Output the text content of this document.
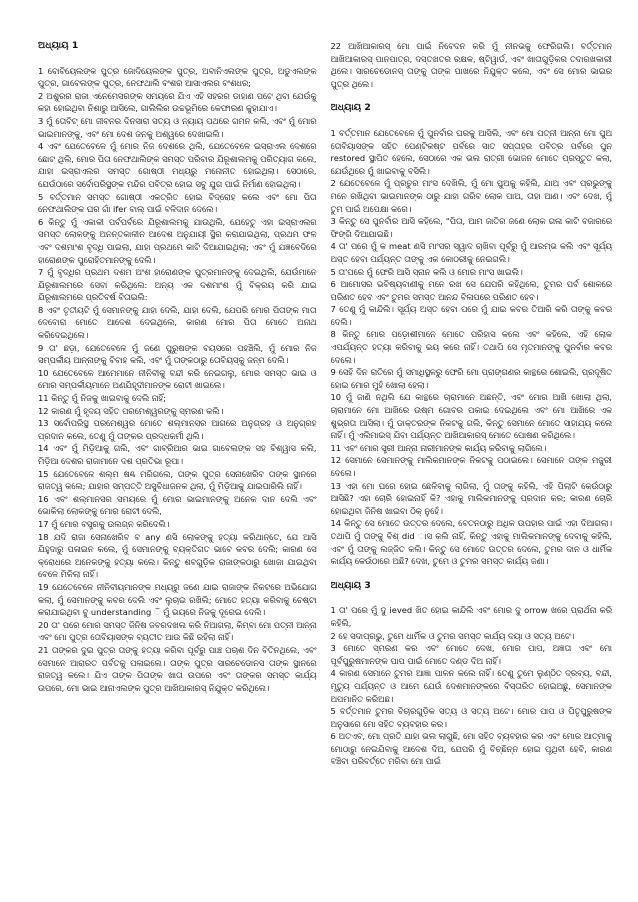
ଅଧ୍ୟାୟ 1

1 ବୋବିୟେଲଙ୍କ ପୁତ୍ର ଜୋଦିୟେଲଙ୍କ ପୁତ୍ର, ଅବାନିଏଲଙ୍କ ପୁତ୍ର, ଅଡୁଏଲଙ୍କ ପୁତ୍ର, ଗାବେଲଙ୍କ ପୁତ୍ର, ନେଫଥାଲି ବଂଶର ଆସାଏଲର ବଂଶଧର;

2 ଅଶୁରର ରାଜା ଏନେମେସରଙ୍କ ସମୟରେ ଯିଏ ଏହି ସହରର ଡାହାଣ ପଟେ ଥିବା ଯେଉଁକୁ କହା ହୋଇଥିବା ନିଶାରୁ ଆସିଲେ, ଗାଲିଲିର ଉଚ୍ଚଭୂମିରେ କେଫାରଣ କୁହାଯାଏ।

3 ମୁଁ ତୋବିଟ୍ ମୋ ଜୀବନର ଦିନସାରା ସତ୍ୟ ଓ ନ୍ୟାୟ ପଥରେ ଗମନ କଲି, ଏବଂ ମୁଁ ମୋର ଭାଇମାନଙ୍କୁ, ଏବଂ ମୋ ଦେଶ ଜନକୁ ଅଶ୍ୱରେ ଦେଖାଇଲି।

4 ଏବଂ ଯେତେବେଳେ ମୁଁ ମୋର ନିଜ ଦେଶରେ ଥିଲି, ଯେତେବେଳେ ଇସ୍ରାଏଲ ଦେଶରେ ଛୋଟ ଥିଲି, ମୋର ପିତା ନେଫଥାଲିଙ୍କ ସମସ୍ତ ପରିବାର ଯିରୂଶାଲମକୁ ପରିତ୍ୟାଗ କଲେ, ଯାହା ଇସ୍ରାଏଲର ସମସ୍ତ ଗୋଷ୍ଠୀ ମଧ୍ୟରୁ ମନୋନୀତ ହୋଇଥିଲା। ସେଠାରେ, ଯେଉଁଠାରେ ସର୍ବୋପରିସ୍ଥଙ୍କ ମନ୍ଦିର ପବିତ୍ର ହୋଇ ସବୁ ଯୁଗ ପାଇଁ ନିର୍ମାଣ ହୋଇଥିଲା।

5 ବର୍ତ୍ତମାନ ସମସ୍ତ ଗୋଷ୍ଠୀ ଏକତ୍ରିତ ହୋଇ ବିଦ୍ରୋହ କଲେ ଏବଂ ମୋ ପିତା ନେଫଥାଲିଙ୍କ ଘର ଗାଁ ifer ବାଲ୍ ପାଇଁ ବଳିଦାନ ଦେଲେ।

6 କିନ୍ତୁ ମୁଁ ଏକାକୀ ପର୍ବପର୍ବରେ ଯିରୂଶାଲମକୁ ଯାଉଥିଲି, ଯେହେତୁ ଏହା ଇସ୍ରାଏଲର ସମସ୍ତ ଲୋକଙ୍କୁ ଅନନ୍ତକାଳୀନ ଆଦେଶ ଅନୁଯାୟୀ ସ୍ଥିର କରାଯାଇଥିଲା, ପ୍ରଥମ ଫଳ ଏବଂ ଦଶମାଂଶ ବୃଦ୍ଧି ପାଇଲା, ଯାହା ପ୍ରଥମେ କାଟି ଦିଆଯାଇଥିଲା; ଏବଂ ମୁଁ ଯଜ୍ଞବେଦିରେ ହାରୋଣଙ୍କ ପୁରୋହିତମାନଙ୍କୁ ଦେଲି।

7 ମୁଁ ବୃଦ୍ଧିର ପ୍ରଥମ ଦଶମ ଅଂଶ ହାରୋଣଙ୍କ ପୁତ୍ରମାନଙ୍କୁ ଦେଇଥିଲି, ଯେଉଁମାନେ ଯିରୂଶାଲମରେ ସେବା କରିଥିଲେ: ଅନ୍ୟ ଏକ ଦଶମାଂଶ ମୁଁ ବିକ୍ରୟ କରି ଯାଇ ଯିରୂଶାଲମରେ ପ୍ରତିବର୍ଷ ବିତାଇଲି:

8 ଏବଂ ତୃତୀୟଟି ମୁଁ ସେମାନଙ୍କୁ ଯାହା ଦେଲି, ଯାହା ଦେଲି, ଯେପରି ମୋର ପିତାଙ୍କ ମାତା ଦେବୋରା ମୋତେ ଆଦେଶ ଦେଇଥିଲେ, କାରଣ ମୋର ପିତା ମୋତେ ଅନାଥ କରିଦେଇଥିଲେ।

9 ତା' ଛଡ଼ା, ଯେତେବେଳେ ମୁଁ ଜଣେ ପୁରୁଷଙ୍କ ବୟସରେ ପହଞ୍ଚିଲି, ମୁଁ ମୋର ନିଜ ସମ୍ପର୍କୀୟ ଆନ୍ନାଙ୍କୁ ବିବାହ କଲି, ଏବଂ ମୁଁ ତାଙ୍କଠାରୁ ତୋବିୟସ୍କୁ ଜନ୍ମ ଦେଲି।

10 ଯେତେବେଳେ ଆମେମାନେ ନୀନିବୀକୁ ବନ୍ଦୀ କରି ନେଇଗଲୁ, ମୋର ସମସ୍ତ ଭାଇ ଓ ମୋର ସମ୍ପର୍କୀୟମାନେ ଅଣଯିହୂଦୀମାନଙ୍କ ରୋଟୀ ଖାଇଲେ।

11 କିନ୍ତୁ ମୁଁ ନିଜକୁ ଖାଇବାକୁ ଦେଲି ନାହିଁ;

12 କାରଣ ମୁଁ ହୃଦୟ ସହିତ ପରମେଶ୍ୱରଙ୍କୁ ସ୍ମରଣ କଲି।

13 ସର୍ବୋପରିସ୍ଥ ପରମେଶ୍ୱର ମୋତେ ଶଲ୍ମାନସର ଆଗରେ ଅନୁଗ୍ରହ ଓ ଅନୁଗ୍ରହ ପ୍ରଦାନ କଲେ, ତେଣୁ ମୁଁ ତାଙ୍କର ପ୍ରଦ୍ଧକର୍ମୀ ଥିଲି।

14 ଏବଂ ମୁଁ ମିଡ଼ିଆକୁ ଗଲି, ଏବଂ ଗାବ୍ରିଆର ଭାଇ ଗାବେଲଙ୍କ ସହ ବିଶ୍ୱାସ କଲି, ମିଡ଼ିଆ ଦେଶର ରାଜାମାନେ ଦଶ ପ୍ରତିଭା ରୂପା।

15 ଯେତେବେଳେ ଶଲ୍ମ ଷଣ୍ଢ ମରିଗଲେ, ତାଙ୍କ ପୁତ୍ର ସେନାଖେରିବ ତାଙ୍କ ସ୍ଥାନରେ ରାଜତ୍ୱ କଲେ; ଯାହାର ସମ୍ପତ୍ତି ଅସୁବିଧାଜନକ ଥିଲା, ମୁଁ ମିଡ଼ିଆକୁ ଯାଇପାରିଲି ନାହିଁ।

16 ଏବଂ ଶଲ୍ମାନସର ସମୟରେ ମୁଁ ମୋର ଭାଇମାନଙ୍କୁ ଅନେକ ଦାନ ଦେଲି ଏବଂ ଭୋକିଲା ଲୋକଙ୍କୁ ମୋର ରୋଟୀ ଦେଲି,

17 ମୁଁ ମୋର ବସ୍ତ୍ରକୁ ଉଲଗ୍ନ କରିଦେଲି।

18 ଯଦି ରାଜା ସେନାଖେରିବ ବ any ଣସି ଲୋକଙ୍କୁ ହତ୍ୟା କରିଥାନ୍ତେ, ଯେ ଆସି ଯିହୁଦାରୁ ପଳାଇନ କଲେ, ମୁଁ ସେମାନଙ୍କୁ ବ୍ୟକ୍ତିଗତ ଭାବେ କବର ଦେଲି; କାରଣ ସେ କ୍ରୋଧରେ ଅନେକଙ୍କୁ ହତ୍ୟା କଲେ। କିନ୍ତୁ ଶବଗୁଡ଼ିକ ରାଜାଙ୍କଠାରୁ ଖୋଜା ଯାଇଥିବା ବେଳେ ମିଳିଲା ନାହିଁ।

19 ଯେତେବେଳେ ନୀନିବୀୟମାନଙ୍କ ମଧ୍ୟରୁ ଜଣେ ଯାଇ ରାଜାଙ୍କ ନିକଟରେ ଅଭିଯୋଗ କଲା, ମୁଁ ସେମାନଙ୍କୁ କବର ଦେଲି ଏବଂ ଲୁଚାଇ ରଖିଲି; ମୋତେ ହତ୍ୟା କରିବାକୁ ଚେଷ୍ଟା କରାଯାଇଥିବା ବୁ understanding ି ମୁଁ ଭୟରେ ନିଜକୁ ଦୂରେଇ ଦେଲି।

20 ତା' ପରେ ମୋର ସମସ୍ତ ଜିନିଷ ଜବରଦଖଲ କରି ନିଆଗଲା, କିମ୍ବା ମୋ ପତ୍ନୀ ଆନ୍ନା ଏବଂ ମୋ ପୁତ୍ର ତୋବିୟାସଙ୍କ ବ୍ୟତୀତ ଆଉ କିଛି ରହିଲା ନାହିଁ।

21 ତାଙ୍କର ଦୁଇ ପୁତ୍ର ତାଙ୍କୁ ହତ୍ୟା କରିବା ପୂର୍ବରୁ ପାଞ୍ଚ ପଚାଶ ଦିନ ବିତିନଥିଲେ, ଏବଂ ସେମାନେ ଆରାରତ ପର୍ବତକୁ ପଳାଇଲେ। ତାଙ୍କ ପୁତ୍ର ସାରଚେଡୋନସ ତାଙ୍କ ସ୍ଥାନରେ ରାଜତ୍ୱ କଲେ। ଯିଏ ତାଙ୍କ ପିତାଙ୍କ ଖାତା ଉପରେ ଏବଂ ତାଙ୍କର ସମସ୍ତ କାର୍ଯ୍ୟ ଉପରେ, ମୋ ଭାଇ ଆନାଏଲଙ୍କ ପୁତ୍ର ଆଖିଆକାରସ୍ ନିଯୁକ୍ତ କରିଥିଲେ।

22 ଆଖିଆକାରସ୍ ମୋ ପାଇଁ ନିବେଦନ କରି ମୁଁ ନୀନଭକୁ ଫେରିଗଲି। ବର୍ତ୍ତମାନ ଆଖିଆକାରସ୍ ପାନପାତ୍ର, ଦସ୍ତଖତର ରକ୍ଷକ, ଷ୍ଟିୱାର୍ଡ, ଏବଂ ଖାତାଗୁଡ଼ିକର ତଦାରଖକାରୀ ଥିଲେ। ସାରଚେଡୋନସ୍ ତାଙ୍କୁ ତାଙ୍କ ପାଖରେ ନିଯୁକ୍ତ କଲେ, ଏବଂ ସେ ମୋର ଭାଇର ପୁତ୍ର ଥିଲେ।

ଅଧ୍ୟାୟ 2

1 ବର୍ତ୍ତମାନ ଯେତେବେଳେ ମୁଁ ପୁନର୍ବାର ଘରକୁ ଆସିଲି, ଏବଂ ମୋ ପତ୍ନୀ ଆନ୍ନା ମୋ ପୁଅ ତୋବିୟାସଙ୍କ ସହିତ ପେଣ୍ଟିକଷ୍ଟ ପର୍ବରେ ସାତ ସପ୍ତାହର ପବିତ୍ର ପର୍ବରେ ପୁନ restored ସ୍ଥାପିତ ହେଲେ, ସେଠାରେ ଏକ ଭଲ ରାତ୍ରୀ ଭୋଜନ ମୋତେ ପ୍ରସ୍ତୁତ କଲା, ଯେଉଁଥିରେ ମୁଁ ଖାଇବାକୁ ବସିଲି।

2 ଯେତେବେଳେ ମୁଁ ପ୍ରଚୁର ମାଂସ ଦେଖିଲି, ମୁଁ ମୋ ପୁଅକୁ କହିଲି, ଯାଅ ଏବଂ ପ୍ରଭୁଙ୍କୁ ମନେ ରଖିଥିବା ଭାଇମାନଙ୍କ ଠାରୁ ଯାହା ଗରିବ ଲୋକ ପାଅ, ତାହା ଆଣ। ଏବଂ ଦେଖ, ମୁଁ ତୁମ ପାଇଁ ଅପେକ୍ଷା କରେ।

3 କିନ୍ତୁ ସେ ପୁନର୍ବାର ଆସି କହିଲେ, "ପିତା, ଆମ ଜାତିର ଜଣେ ଲୋକ ଗଳା କାଟି ବଜାରରେ ଫିଙ୍ଗି ଦିଆଯାଇଛି।

4 ତା' ପରେ ମୁଁ କ meat ଣସି ମାଂସର ସ୍ୱାଦ ଚାଖିବା ପୂର୍ବରୁ ମୁଁ ଆରମ୍ଭ କଲି ଏବଂ ସୂର୍ଯ୍ୟ ଅସ୍ତ ହେବା ପର୍ଯ୍ୟନ୍ତ ତାଙ୍କୁ ଏକ କୋଠରୀକୁ ନେଇଗଲି।

5 ତା'ପରେ ମୁଁ ଫେରି ଆସି ସ୍ନାନ କଲି ଓ ମୋର ମାଂସ ଖାଇଲି।

6 ଆମୋସର ଭବିଷ୍ୟବାଣୀକୁ ମନେ ରଖ ସେ ଯେପରି କହିଥିଲେ, ତୁମର ପର୍ବ ଶୋକରେ ପରିଣତ ହେବ ଏବଂ ତୁମର ସମସ୍ତ ଆନନ୍ଦ ବିଳାପରେ ପରିଣତ ହେବ।

7 ତେଣୁ ମୁଁ କାନ୍ଦିଲି। ସୂର୍ଯ୍ୟ ଅସ୍ତ ହେବା ପରେ ମୁଁ ଯାଇ କବର ତିଆରି କରି ତାଙ୍କୁ କବର ଦେଲି।

8 କିନ୍ତୁ ମୋର ପଡ଼ୋଶୀମାନେ ମୋତେ ପରିହାସ କଲେ ଏବଂ କହିଲେ, ଏହି ଲୋକ ଏପର୍ଯ୍ୟନ୍ତ ହତ୍ୟା କରିବାକୁ ଭୟ କରେ ନାହିଁ। ତଥାପି ସେ ମୃତମାନଙ୍କୁ ପୁନର୍ବାର କବର ଦେଲେ।

9 ସେହି ଦିନ ରାତିରେ ମୁଁ ସମାଧିସ୍ଥଳରୁ ଫେରି ମୋ ପ୍ରାଙ୍ଗଣର କାନ୍ଥରେ ଶୋଇଲି, ପ୍ରଦୂଷିତ ହୋଇ ମୋର ମୁହଁ ଖୋଲା ହେଲା।

10 ମୁଁ ଜାଣି ନଥିଲି ଯେ କାନ୍ଥରେ ଚାରାମାନେ ଅଛନ୍ତି, ଏବଂ ମୋର ଆଖି ଖୋଲା ଥିଲା, ଚାରାମାନେ ମୋ ଆଖିରେ ଉଷ୍ମ ଗୋବର ପକାଇ ଦେଇଥିଲେ ଏବଂ ମୋ ଆଖିରେ ଏକ ଶୁଭ୍ରତା ଆସିଲା। ମୁଁ ଡାକ୍ତରଙ୍କ ନିକଟକୁ ଗଲି, କିନ୍ତୁ ସେମାନେ ମୋତେ ସାହାଯ୍ୟ କଲେ ନାହିଁ। ମୁଁ ଏଲିମାଇସ୍ ଯିବା ପର୍ଯ୍ୟନ୍ତ ଆଖିଆକାରସ୍ ମୋତେ ପୋଷଣ କରିଥିଲେ।

11 ଏବଂ ମୋର ସ୍ତ୍ରୀ ଆନ୍ନା ନାରୀମାନଙ୍କ କାର୍ଯ୍ୟ କରିବାକୁ ଲାଗିଲେ।

12 ସେମାନେ ସେମାନଙ୍କୁ ମାଲିକମାନଙ୍କ ନିକଟକୁ ପଠାଇଲେ। ସେମାନେ ତାଙ୍କ ମଜୁରୀ ଦେଲେ।

13 ଏହା ମୋ ଘରେ ହୋଇ ଛେଳିବାକୁ ଲାଗିଲା, ମୁଁ ତାଙ୍କୁ କହିଲି, ଏହି ପିଲାଟି କେଉଁଠାରୁ ଆସିଛି? ଏହା ଚୋରି ହୋଇନାହିଁ କି? ଏହାକୁ ମାଲିକମାନଙ୍କୁ ପ୍ରଦାନ କର; କାରଣ ଚୋରି ହୋଇଥିବା ଜିନିଷ ଖାଇବା ଠିକ୍ ନୁହେଁ।

14 କିନ୍ତୁ ସେ ମୋତେ ଉତ୍ତର ଦେଲେ, ବେତନଠାରୁ ଅଧିକ ଉପହାର ପାଇଁ ଏହା ଦିଆଗଲା। ତଥାପି ମୁଁ ତାଙ୍କୁ ବିଶ୍ did ାସ କଲି ନାହିଁ, କିନ୍ତୁ ଏହାକୁ ମାଲିକମାନଙ୍କୁ ଦେବାକୁ କହିଲି, ଏବଂ ମୁଁ ତାଙ୍କୁ ଲଜ୍ଜିତ କଲି। କିନ୍ତୁ ସେ ମୋତେ ଉତ୍ତର ଦେଲେ, ତୁମର ଦାନ ଓ ଧାର୍ମିକ କାର୍ଯ୍ୟ କେଉଁଠାରେ ଅଛି? ଦେଖ, ତୁମେ ଓ ତୁମର ସମସ୍ତ କାର୍ଯ୍ୟ ଜଣା।

ଅଧ୍ୟାୟ 3

1 ତା' ପରେ ମୁଁ ଦୁ ieved ଖିତ ହୋଇ କାନ୍ଦିଲି ଏବଂ ମୋର ଦୁ orrow ଖରେ ପ୍ରାର୍ଥନା କରି କହିଲି,

2 ହେ ସଦାପ୍ରଭୁ, ତୁମେ ଧାର୍ମିକ ଓ ତୁମର ସମସ୍ତ କାର୍ଯ୍ୟ ଦୟା ଓ ସତ୍ୟ ଅଟେ।

3 ମୋତେ ସ୍ମରଣ କର ଏବଂ ମୋତେ ଦେଖ, ମୋର ପାପ, ଅଜ୍ଞତା ଏବଂ ମୋ ପୂର୍ବପୁରୁଷମାନଙ୍କ ପାପ ପାଇଁ ମୋତେ ଦଣ୍ଡ ଦିଅ ନାହିଁ।

4 କାରଣ ସେମାନେ ତୁମର ଆଜ୍ଞା ପାଳନ କଲେ ନାହିଁ। ତେଣୁ ତୁମେ ଲୁଣ୍ଠିତ ଦ୍ରବ୍ୟ, ବନ୍ଦୀ, ମୃତ୍ୟୁ ପର୍ଯ୍ୟନ୍ତ ଓ ଆମେ ଯେଉଁ ଦେଶମାନଙ୍କରେ ବିସ୍ତାରିତ ହୋଇଅଛୁ, ସେମାନଙ୍କ ଅପମାନିତ କରିଅଛ।

5 ବର୍ତ୍ତମାନ ତୁମର ବିଚାରଗୁଡ଼ିକ ସତ୍ୟ ଓ ସତ୍ୟ ଅଟେ। ମୋର ପାପ ଓ ପିତୃପୁରୁଷଙ୍କ ଅନୁସାରେ ମୋ ସହିତ ବ୍ୟବହାର କର।

6 ଅତଏବ, ମୋ ପ୍ରତି ଯାହା ଭଲ ଲାଗୁଛି, ମୋ ସହିତ ବ୍ୟବହାର କର ଏବଂ ମୋର ଆତ୍ମାକୁ ମୋଠାରୁ ନେଇଯିବାକୁ ଆଦେଶ ଦିଅ, ଯେପରି ମୁଁ ବିଚ୍ଛିନ୍ନ ହୋଇ ପୃଥିବୀ ହେବି, କାରଣ ବଞ୍ଚିବା ପରିବର୍ତ୍ତେ ମରିବା ମୋ ପାଇଁ
